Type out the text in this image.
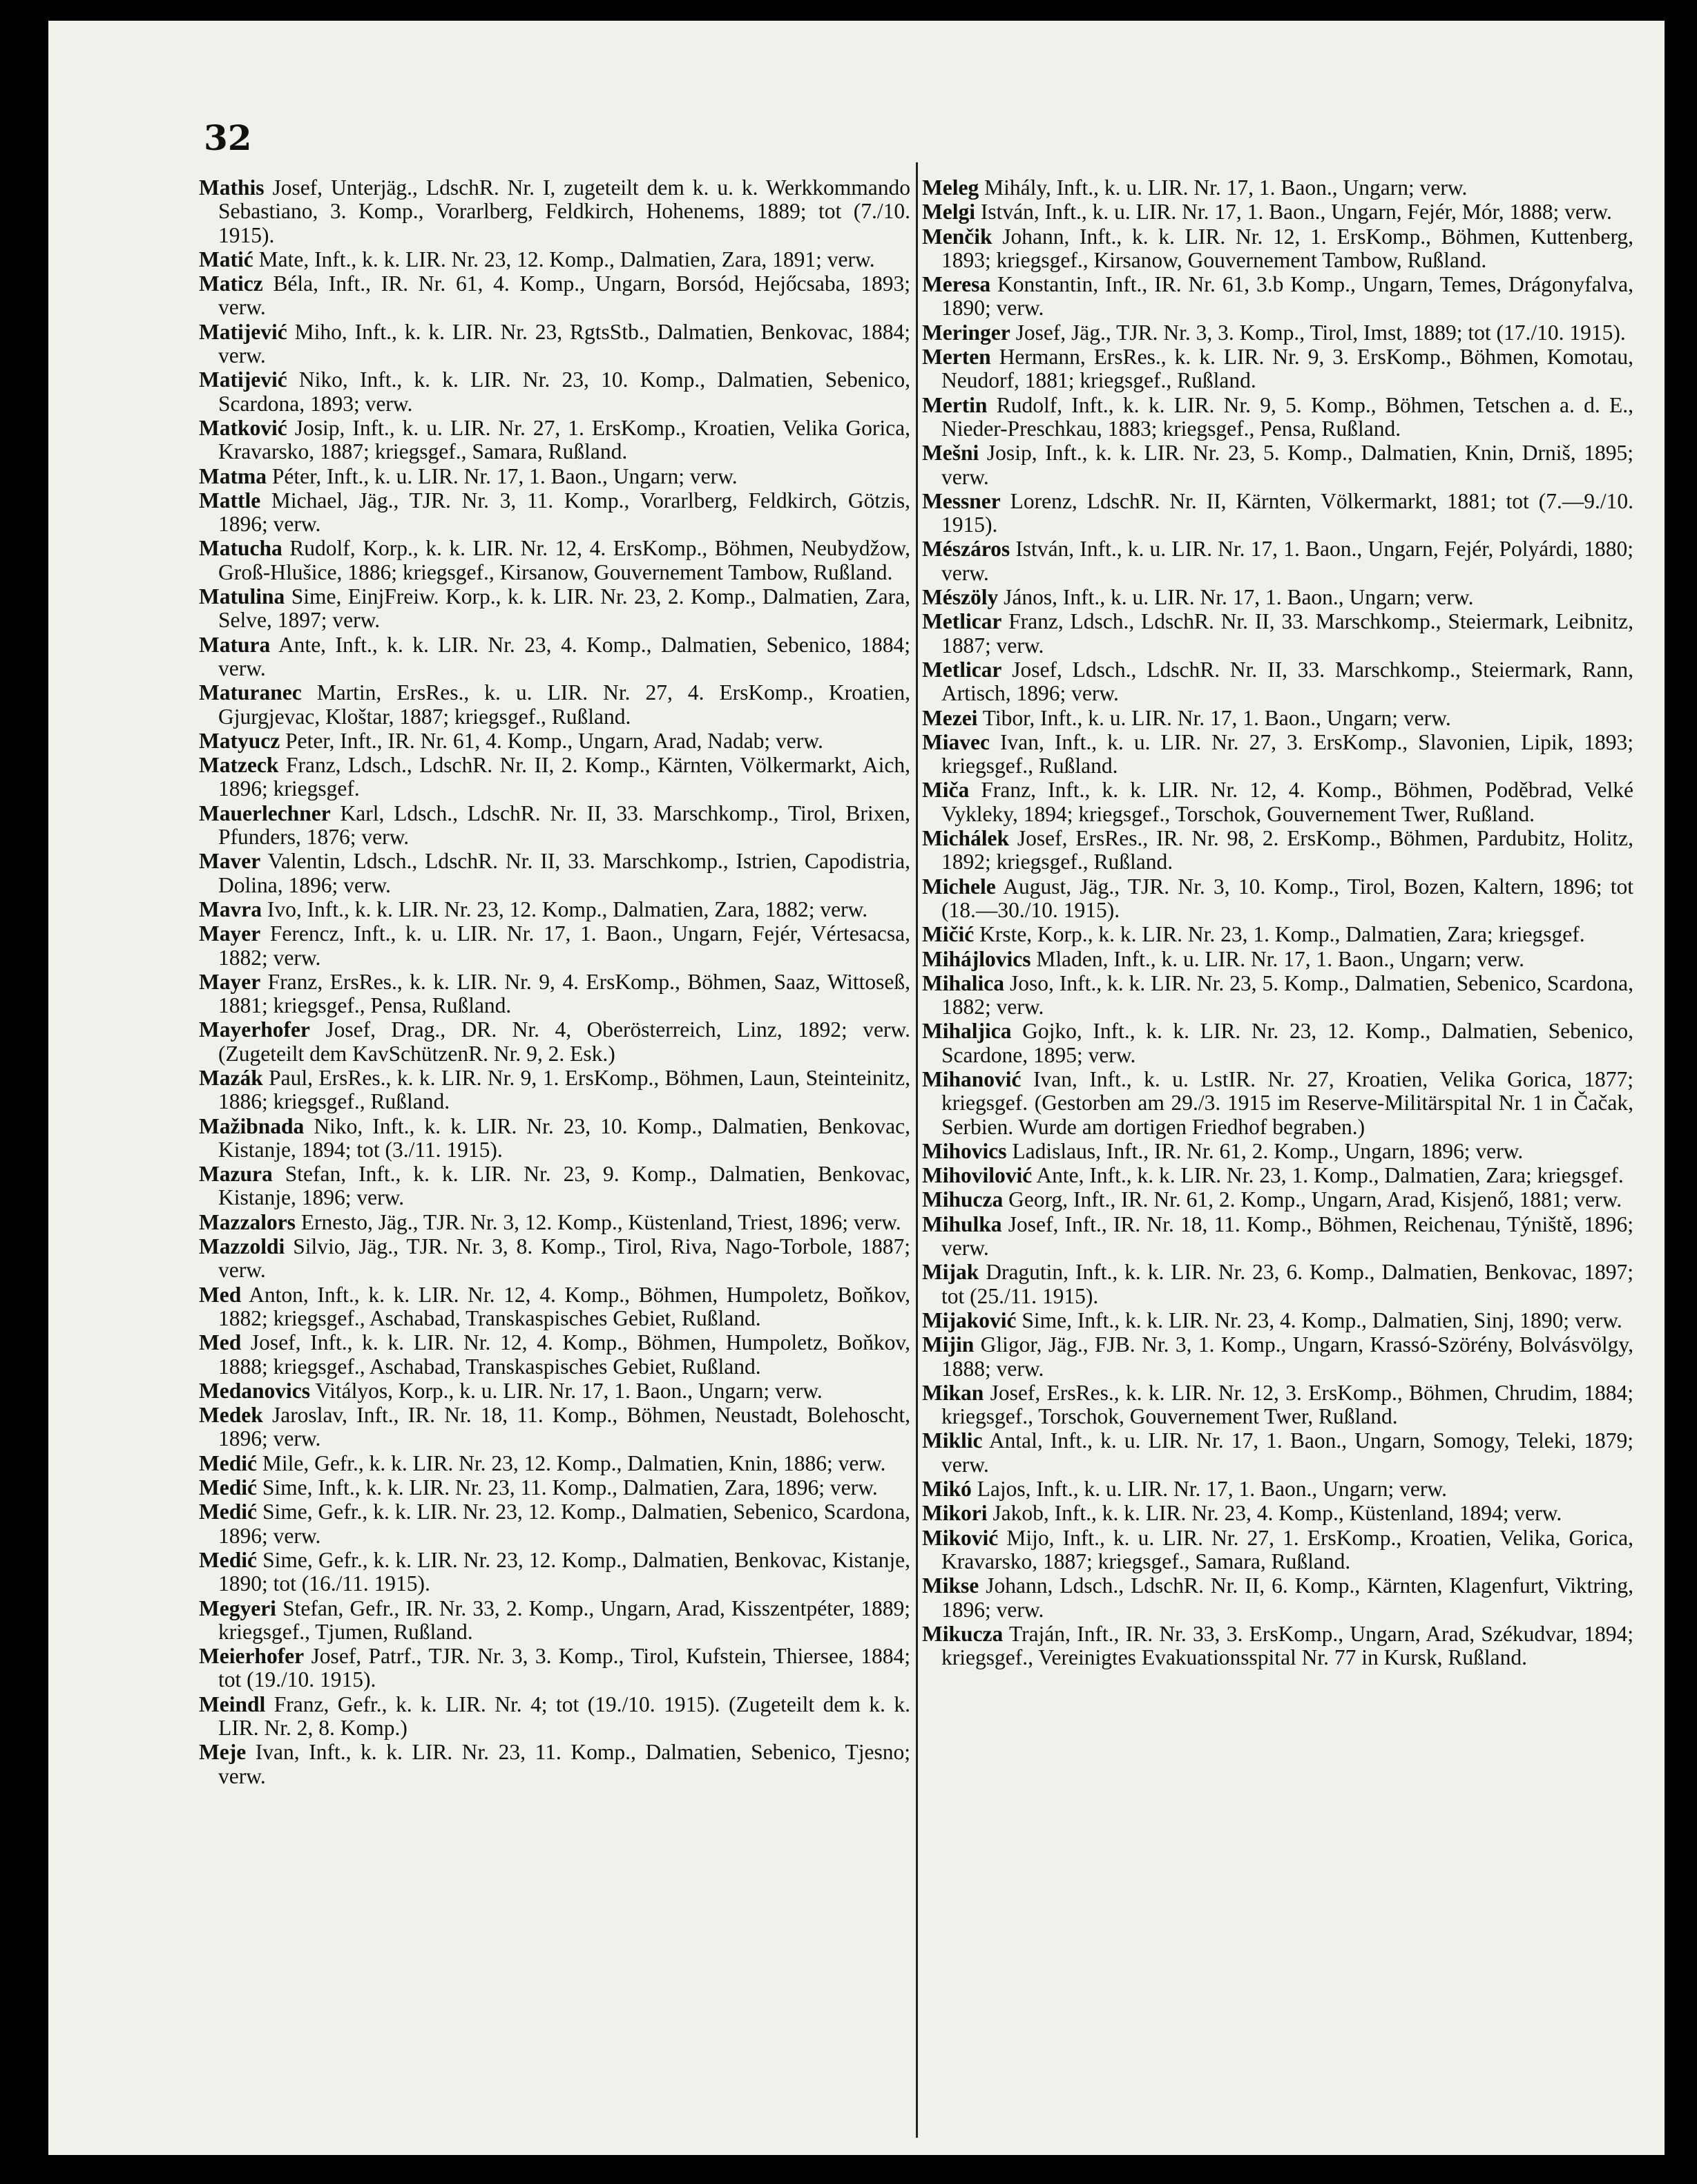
32

Mathis Josef, Unterjäg., LdschR. Nr. I, zugeteilt dem k. u. k. Werkkommando Sebastiano, 3. Komp., Vorarlberg, Feldkirch, Hohenems, 1889; tot (7./10. 1915).

Matić Mate, Inft., k. k. LIR. Nr. 23, 12. Komp., Dalmatien, Zara, 1891; verw.

Maticz Béla, Inft., IR. Nr. 61, 4. Komp., Ungarn, Borsód, Hejőcsaba, 1893; verw.

Matijević Miho, Inft., k. k. LIR. Nr. 23, RgtsStb., Dalmatien, Benkovac, 1884; verw.

Matijević Niko, Inft., k. k. LIR. Nr. 23, 10. Komp., Dalmatien, Sebenico, Scardona, 1893; verw.

Matković Josip, Inft., k. u. LIR. Nr. 27, 1. ErsKomp., Kroatien, Velika Gorica, Kravarsko, 1887; kriegsgef., Samara, Rußland.

Matma Péter, Inft., k. u. LIR. Nr. 17, 1. Baon., Ungarn; verw.

Mattle Michael, Jäg., TJR. Nr. 3, 11. Komp., Vorarlberg, Feldkirch, Götzis, 1896; verw.

Matucha Rudolf, Korp., k. k. LIR. Nr. 12, 4. ErsKomp., Böhmen, Neubydžow, Groß-Hlušice, 1886; kriegsgef., Kirsanow, Gouvernement Tambow, Rußland.

Matulina Sime, EinjFreiw. Korp., k. k. LIR. Nr. 23, 2. Komp., Dalmatien, Zara, Selve, 1897; verw.

Matura Ante, Inft., k. k. LIR. Nr. 23, 4. Komp., Dalmatien, Sebenico, 1884; verw.

Maturanec Martin, ErsRes., k. u. LIR. Nr. 27, 4. ErsKomp., Kroatien, Gjurgjevac, Kloštar, 1887; kriegsgef., Rußland.

Matyucz Peter, Inft., IR. Nr. 61, 4. Komp., Ungarn, Arad, Nadab; verw.

Matzeck Franz, Ldsch., LdschR. Nr. II, 2. Komp., Kärnten, Völkermarkt, Aich, 1896; kriegsgef.

Mauerlechner Karl, Ldsch., LdschR. Nr. II, 33. Marschkomp., Tirol, Brixen, Pfunders, 1876; verw.

Maver Valentin, Ldsch., LdschR. Nr. II, 33. Marschkomp., Istrien, Capodistria, Dolina, 1896; verw.

Mavra Ivo, Inft., k. k. LIR. Nr. 23, 12. Komp., Dalmatien, Zara, 1882; verw.

Mayer Ferencz, Inft., k. u. LIR. Nr. 17, 1. Baon., Ungarn, Fejér, Vértesacsa, 1882; verw.

Mayer Franz, ErsRes., k. k. LIR. Nr. 9, 4. ErsKomp., Böhmen, Saaz, Wittoseß, 1881; kriegsgef., Pensa, Rußland.

Mayerhofer Josef, Drag., DR. Nr. 4, Oberösterreich, Linz, 1892; verw. (Zugeteilt dem KavSchützenR. Nr. 9, 2. Esk.)

Mazák Paul, ErsRes., k. k. LIR. Nr. 9, 1. ErsKomp., Böhmen, Laun, Steinteinitz, 1886; kriegsgef., Rußland.

Mažibnada Niko, Inft., k. k. LIR. Nr. 23, 10. Komp., Dalmatien, Benkovac, Kistanje, 1894; tot (3./11. 1915).

Mazura Stefan, Inft., k. k. LIR. Nr. 23, 9. Komp., Dalmatien, Benkovac, Kistanje, 1896; verw.

Mazzalors Ernesto, Jäg., TJR. Nr. 3, 12. Komp., Küstenland, Triest, 1896; verw.

Mazzoldi Silvio, Jäg., TJR. Nr. 3, 8. Komp., Tirol, Riva, Nago-Torbole, 1887; verw.

Med Anton, Inft., k. k. LIR. Nr. 12, 4. Komp., Böhmen, Humpoletz, Boňkov, 1882; kriegsgef., Aschabad, Transkaspisches Gebiet, Rußland.

Med Josef, Inft., k. k. LIR. Nr. 12, 4. Komp., Böhmen, Humpoletz, Boňkov, 1888; kriegsgef., Aschabad, Transkaspisches Gebiet, Rußland.

Medanovics Vitályos, Korp., k. u. LIR. Nr. 17, 1. Baon., Ungarn; verw.

Medek Jaroslav, Inft., IR. Nr. 18, 11. Komp., Böhmen, Neustadt, Bolehoscht, 1896; verw.

Medić Mile, Gefr., k. k. LIR. Nr. 23, 12. Komp., Dalmatien, Knin, 1886; verw.

Medić Sime, Inft., k. k. LIR. Nr. 23, 11. Komp., Dalmatien, Zara, 1896; verw.

Medić Sime, Gefr., k. k. LIR. Nr. 23, 12. Komp., Dalmatien, Sebenico, Scardona, 1896; verw.

Medić Sime, Gefr., k. k. LIR. Nr. 23, 12. Komp., Dalmatien, Benkovac, Kistanje, 1890; tot (16./11. 1915).

Megyeri Stefan, Gefr., IR. Nr. 33, 2. Komp., Ungarn, Arad, Kisszentpéter, 1889; kriegsgef., Tjumen, Rußland.

Meierhofer Josef, Patrf., TJR. Nr. 3, 3. Komp., Tirol, Kufstein, Thiersee, 1884; tot (19./10. 1915).

Meindl Franz, Gefr., k. k. LIR. Nr. 4; tot (19./10. 1915). (Zugeteilt dem k. k. LIR. Nr. 2, 8. Komp.)

Meje Ivan, Inft., k. k. LIR. Nr. 23, 11. Komp., Dalmatien, Sebenico, Tjesno; verw.

Meleg Mihály, Inft., k. u. LIR. Nr. 17, 1. Baon., Ungarn; verw.

Melgi István, Inft., k. u. LIR. Nr. 17, 1. Baon., Ungarn, Fejér, Mór, 1888; verw.

Menčik Johann, Inft., k. k. LIR. Nr. 12, 1. ErsKomp., Böhmen, Kuttenberg, 1893; kriegsgef., Kirsanow, Gouvernement Tambow, Rußland.

Meresa Konstantin, Inft., IR. Nr. 61, 3.b Komp., Ungarn, Temes, Drágonyfalva, 1890; verw.

Meringer Josef, Jäg., TJR. Nr. 3, 3. Komp., Tirol, Imst, 1889; tot (17./10. 1915).

Merten Hermann, ErsRes., k. k. LIR. Nr. 9, 3. ErsKomp., Böhmen, Komotau, Neudorf, 1881; kriegsgef., Rußland.

Mertin Rudolf, Inft., k. k. LIR. Nr. 9, 5. Komp., Böhmen, Tetschen a. d. E., Nieder-Preschkau, 1883; kriegsgef., Pensa, Rußland.

Mešni Josip, Inft., k. k. LIR. Nr. 23, 5. Komp., Dalmatien, Knin, Drniš, 1895; verw.

Messner Lorenz, LdschR. Nr. II, Kärnten, Völkermarkt, 1881; tot (7.—9./10. 1915).

Mészáros István, Inft., k. u. LIR. Nr. 17, 1. Baon., Ungarn, Fejér, Polyárdi, 1880; verw.

Mészöly János, Inft., k. u. LIR. Nr. 17, 1. Baon., Ungarn; verw.

Metlicar Franz, Ldsch., LdschR. Nr. II, 33. Marschkomp., Steiermark, Leibnitz, 1887; verw.

Metlicar Josef, Ldsch., LdschR. Nr. II, 33. Marschkomp., Steiermark, Rann, Artisch, 1896; verw.

Mezei Tibor, Inft., k. u. LIR. Nr. 17, 1. Baon., Ungarn; verw.

Miavec Ivan, Inft., k. u. LIR. Nr. 27, 3. ErsKomp., Slavonien, Lipik, 1893; kriegsgef., Rußland.

Miča Franz, Inft., k. k. LIR. Nr. 12, 4. Komp., Böhmen, Poděbrad, Velké Vykleky, 1894; kriegsgef., Torschok, Gouvernement Twer, Rußland.

Michálek Josef, ErsRes., IR. Nr. 98, 2. ErsKomp., Böhmen, Pardubitz, Holitz, 1892; kriegsgef., Rußland.

Michele August, Jäg., TJR. Nr. 3, 10. Komp., Tirol, Bozen, Kaltern, 1896; tot (18.—30./10. 1915).

Mičić Krste, Korp., k. k. LIR. Nr. 23, 1. Komp., Dalmatien, Zara; kriegsgef.

Mihájlovics Mladen, Inft., k. u. LIR. Nr. 17, 1. Baon., Ungarn; verw.

Mihalica Joso, Inft., k. k. LIR. Nr. 23, 5. Komp., Dalmatien, Sebenico, Scardona, 1882; verw.

Mihaljica Gojko, Inft., k. k. LIR. Nr. 23, 12. Komp., Dalmatien, Sebenico, Scardone, 1895; verw.

Mihanović Ivan, Inft., k. u. LstIR. Nr. 27, Kroatien, Velika Gorica, 1877; kriegsgef. (Gestorben am 29./3. 1915 im Reserve-Militärspital Nr. 1 in Čačak, Serbien. Wurde am dortigen Friedhof begraben.)

Mihovics Ladislaus, Inft., IR. Nr. 61, 2. Komp., Ungarn, 1896; verw.

Mihovilović Ante, Inft., k. k. LIR. Nr. 23, 1. Komp., Dalmatien, Zara; kriegsgef.

Mihucza Georg, Inft., IR. Nr. 61, 2. Komp., Ungarn, Arad, Kisjenő, 1881; verw.

Mihulka Josef, Inft., IR. Nr. 18, 11. Komp., Böhmen, Reichenau, Týniště, 1896; verw.

Mijak Dragutin, Inft., k. k. LIR. Nr. 23, 6. Komp., Dalmatien, Benkovac, 1897; tot (25./11. 1915).

Mijaković Sime, Inft., k. k. LIR. Nr. 23, 4. Komp., Dalmatien, Sinj, 1890; verw.

Mijin Gligor, Jäg., FJB. Nr. 3, 1. Komp., Ungarn, Krassó-Szörény, Bolvásvölgy, 1888; verw.

Mikan Josef, ErsRes., k. k. LIR. Nr. 12, 3. ErsKomp., Böhmen, Chrudim, 1884; kriegsgef., Torschok, Gouvernement Twer, Rußland.

Miklic Antal, Inft., k. u. LIR. Nr. 17, 1. Baon., Ungarn, Somogy, Teleki, 1879; verw.

Mikó Lajos, Inft., k. u. LIR. Nr. 17, 1. Baon., Ungarn; verw.

Mikori Jakob, Inft., k. k. LIR. Nr. 23, 4. Komp., Küstenland, 1894; verw.

Miković Mijo, Inft., k. u. LIR. Nr. 27, 1. ErsKomp., Kroatien, Velika, Gorica, Kravarsko, 1887; kriegsgef., Samara, Rußland.

Mikse Johann, Ldsch., LdschR. Nr. II, 6. Komp., Kärnten, Klagenfurt, Viktring, 1896; verw.

Mikucza Traján, Inft., IR. Nr. 33, 3. ErsKomp., Ungarn, Arad, Székudvar, 1894; kriegsgef., Vereinigtes Evakuationsspital Nr. 77 in Kursk, Rußland.
